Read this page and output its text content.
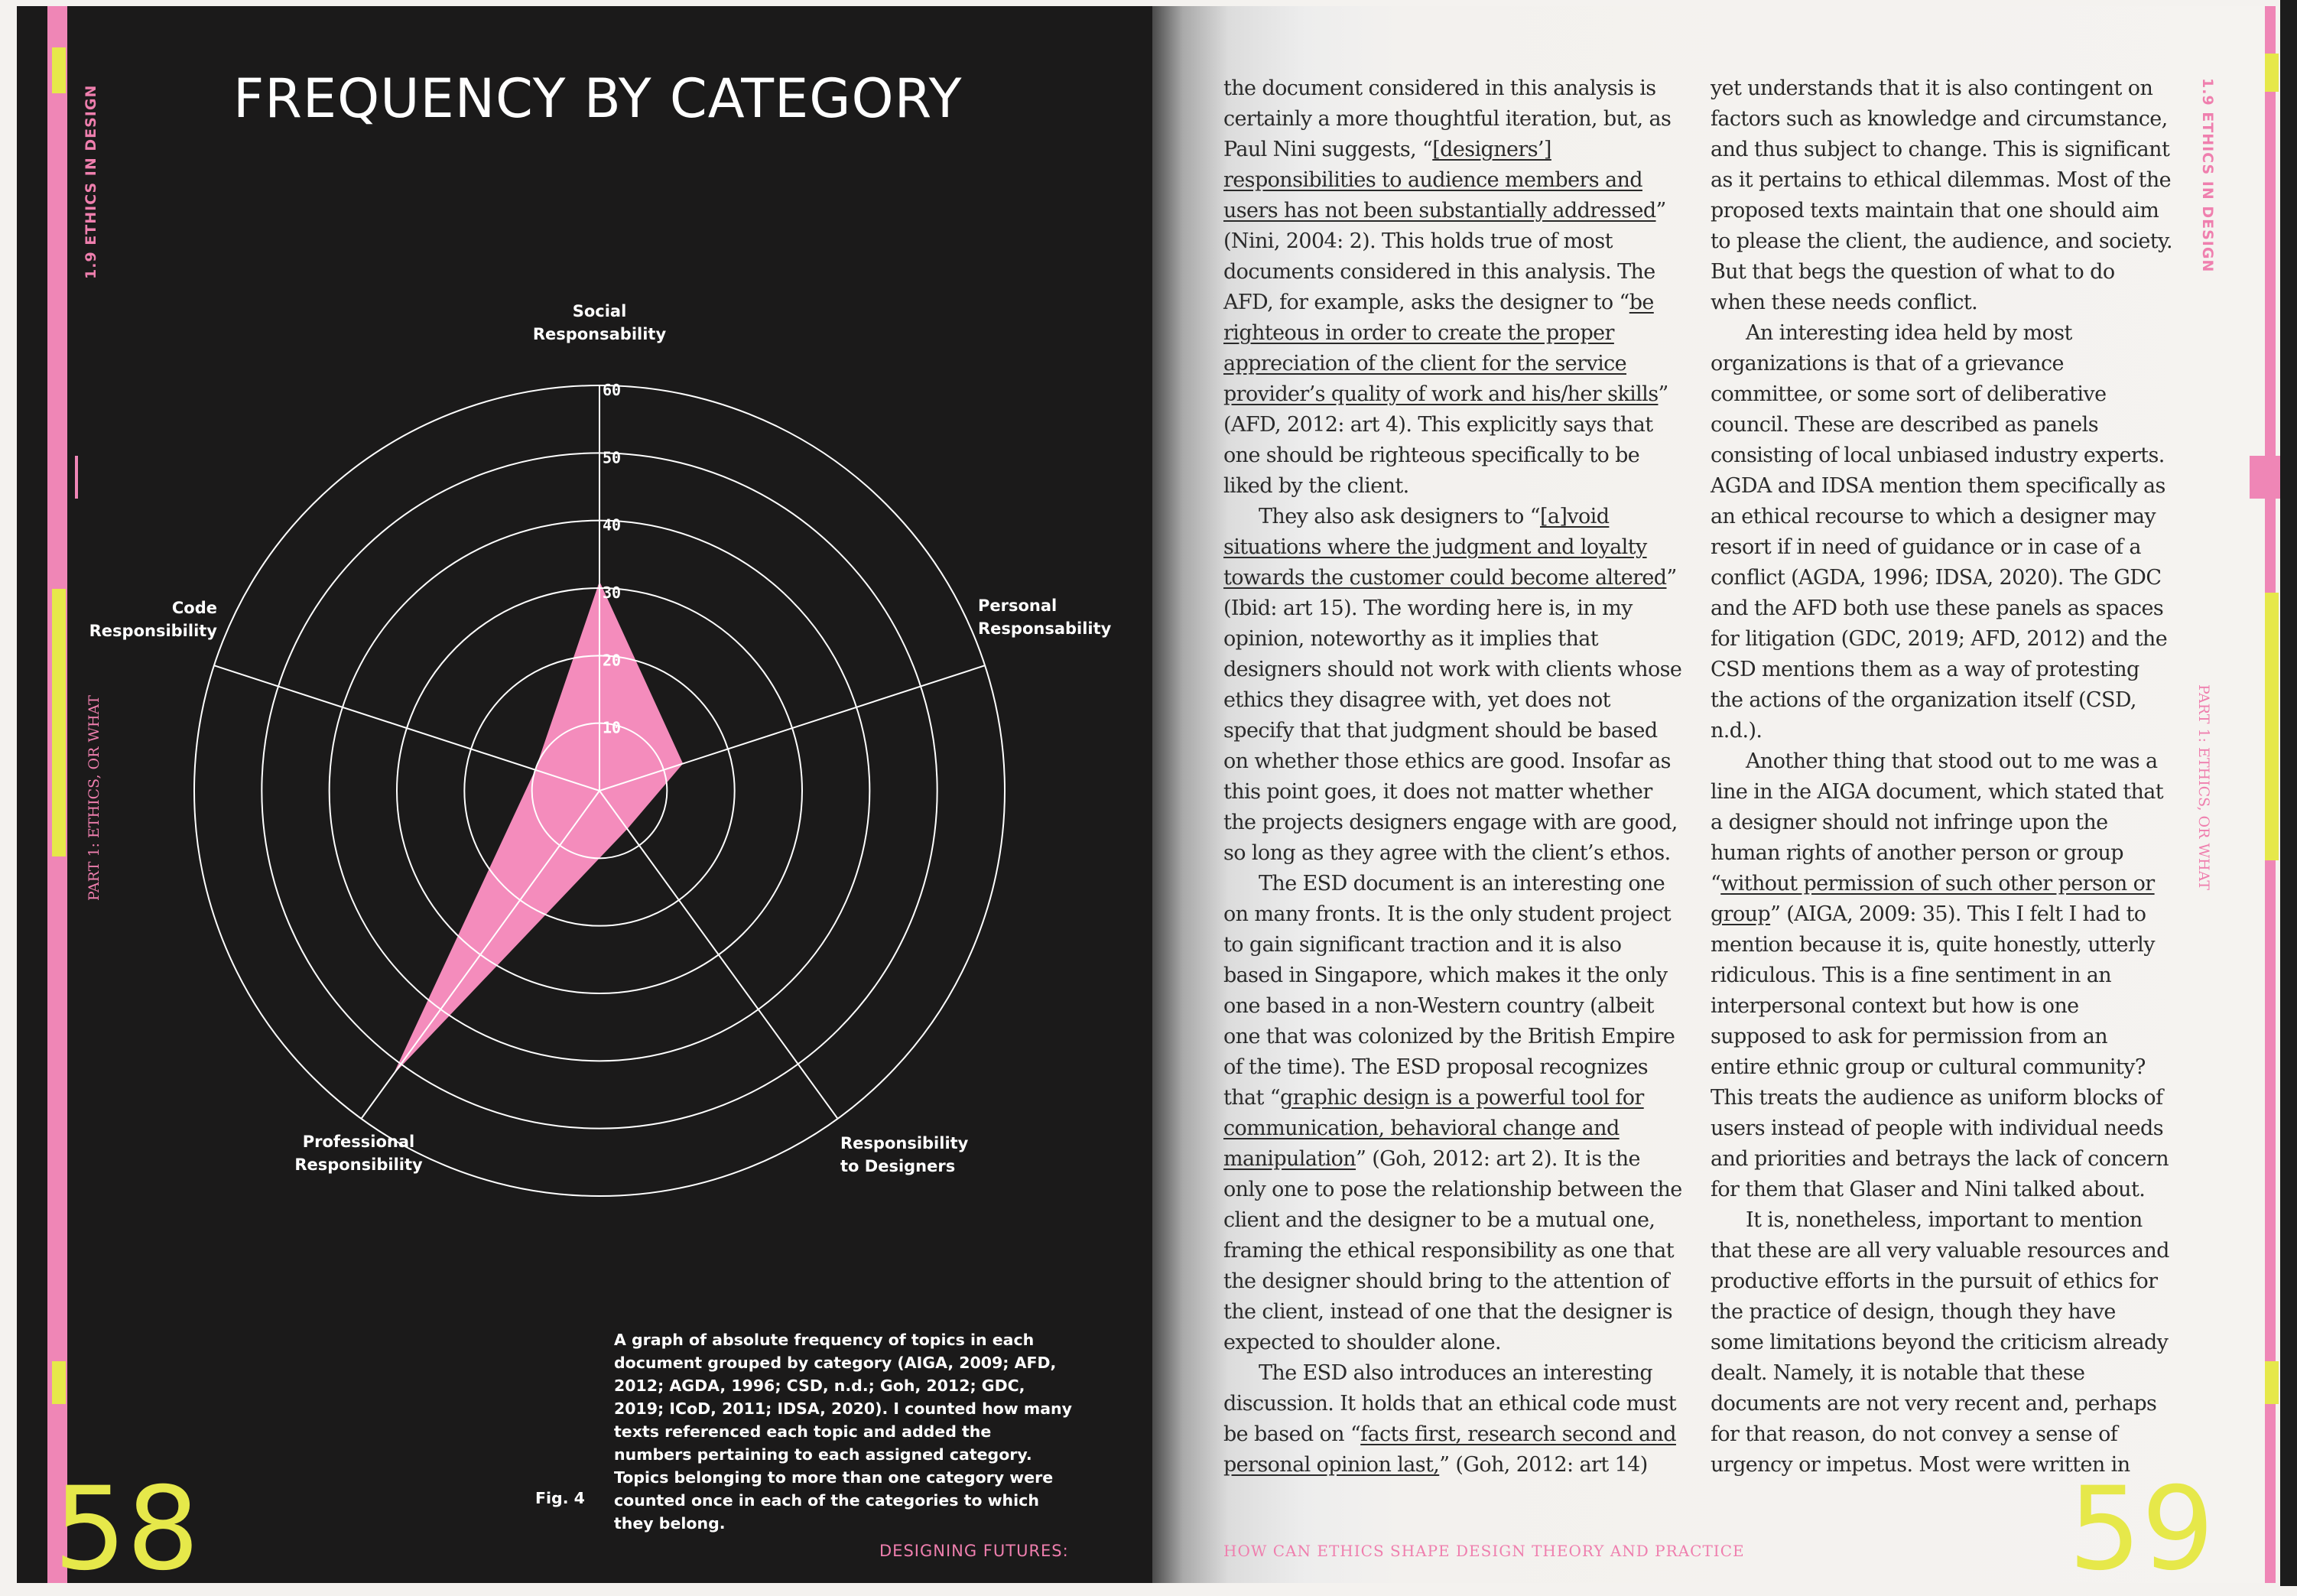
1.9 ETHICS IN DESIGN
PART 1: ETHICS, OR WHAT
FREQUENCY BY CATEGORY
10
20
30
40
50
60
Social
Responsability
Personal
Responsability
Responsibility
to Designers
Professional
Responsibility
Code
Responsibility
A graph of absolute frequency of topics in each document grouped by category (AIGA, 2009; AFD, 2012; AGDA, 1996; CSD, n.d.; Goh, 2012; GDC, 2019; ICoD, 2011; IDSA, 2020). I counted how many texts referenced each topic and added the numbers pertaining to each assigned category. Topics belonging to more than one category were counted once in each of the categories to which they belong.
Fig. 4
58	DESIGNING FUTURES:
1.9 ETHICS IN DESIGN
PART 1: ETHICS, OR WHAT

the document considered in this analysis is certainly a more thoughtful iteration, but, as Paul Nini suggests, “[designers’] responsibilities to audience members and users has not been substantially addressed” (Nini, 2004: 2). This holds true of most documents considered in this analysis. The AFD, for example, asks the designer to “be righteous in order to create the proper appreciation of the client for the service provider’s quality of work and his/her skills” (AFD, 2012: art 4). This explicitly says that one should be righteous specifically to be liked by the client.

They also ask designers to “[a]void situations where the judgment and loyalty towards the customer could become altered” (Ibid: art 15). The wording here is, in my opinion, noteworthy as it implies that designers should not work with clients whose ethics they disagree with, yet does not specify that that judgment should be based on whether those ethics are good. Insofar as this point goes, it does not matter whether the projects designers engage with are good, so long as they agree with the client’s ethos.

The ESD document is an interesting one on many fronts. It is the only student project to gain significant traction and it is also based in Singapore, which makes it the only one based in a non-Western country (albeit one that was colonized by the British Empire of the time). The ESD proposal recognizes that “graphic design is a powerful tool for communication, behavioral change and manipulation” (Goh, 2012: art 2). It is the only one to pose the relationship between the client and the designer to be a mutual one, framing the ethical responsibility as one that the designer should bring to the attention of the client, instead of one that the designer is expected to shoulder alone.

The ESD also introduces an interesting discussion. It holds that an ethical code must be based on “facts first, research second and personal opinion last,” (Goh, 2012: art 14)

yet understands that it is also contingent on factors such as knowledge and circumstance, and thus subject to change. This is significant as it pertains to ethical dilemmas. Most of the proposed texts maintain that one should aim to please the client, the audience, and society. But that begs the question of what to do when these needs conflict.

An interesting idea held by most organizations is that of a grievance committee, or some sort of deliberative council. These are described as panels consisting of local unbiased industry experts. AGDA and IDSA mention them specifically as an ethical recourse to which a designer may resort if in need of guidance or in case of a conflict (AGDA, 1996; IDSA, 2020). The GDC and the AFD both use these panels as spaces for litigation (GDC, 2019; AFD, 2012) and the CSD mentions them as a way of protesting the actions of the organization itself (CSD, n.d.).

Another thing that stood out to me was a line in the AIGA document, which stated that a designer should not infringe upon the human rights of another person or group “without permission of such other person or group” (AIGA, 2009: 35). This I felt I had to mention because it is, quite honestly, utterly ridiculous. This is a fine sentiment in an interpersonal context but how is one supposed to ask for permission from an entire ethnic group or cultural community? This treats the audience as uniform blocks of users instead of people with individual needs and priorities and betrays the lack of concern for them that Glaser and Nini talked about.

It is, nonetheless, important to mention that these are all very valuable resources and productive efforts in the pursuit of ethics for the practice of design, though they have some limitations beyond the criticism already dealt. Namely, it is notable that these documents are not very recent and, perhaps for that reason, do not convey a sense of urgency or impetus. Most were written in

59
HOW CAN ETHICS SHAPE DESIGN THEORY AND PRACTICE
